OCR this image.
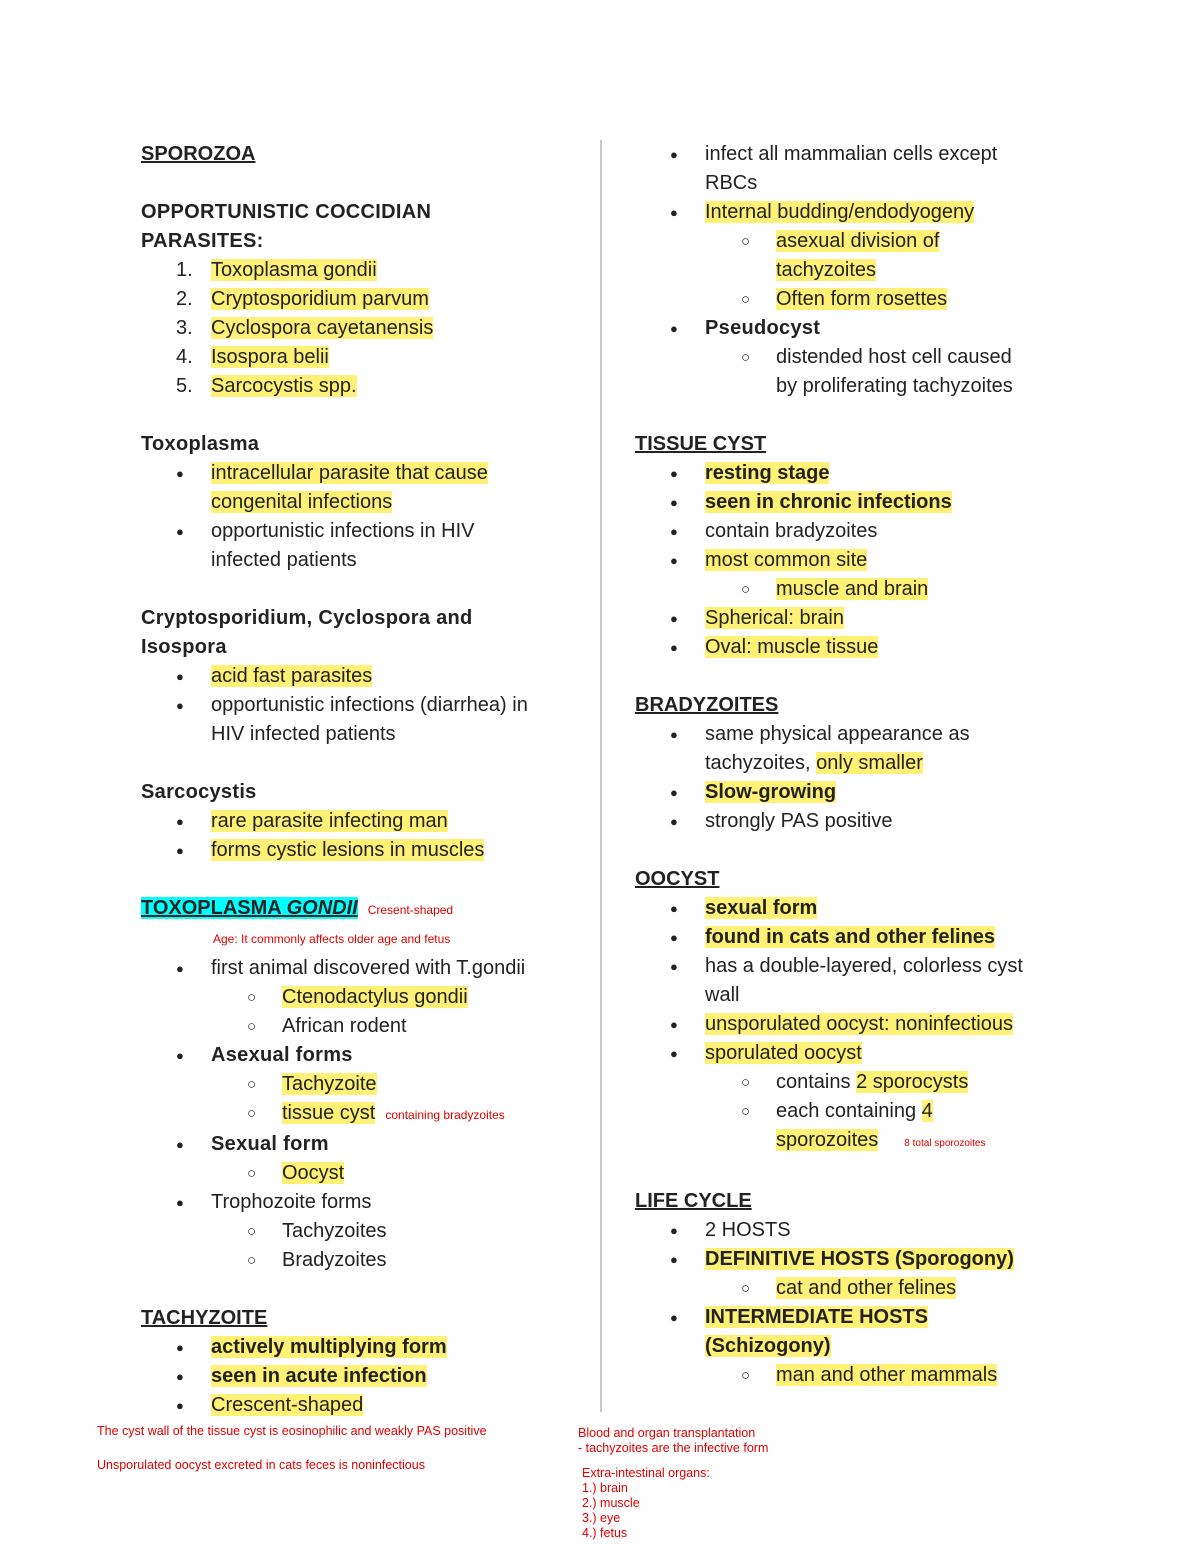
SPOROZOA
OPPORTUNISTIC COCCIDIAN
PARASITES:
1. Toxoplasma gondii
2. Cryptosporidium parvum
3. Cyclospora cayetanensis
4. Isospora belii
5. Sarcocystis spp.
Toxoplasma
● intracellular parasite that cause
congenital infections
● opportunistic infections in HIV
infected patients
Cryptosporidium, Cyclospora and
Isospora
● acid fast parasites
● opportunistic infections (diarrhea) in
HIV infected patients
Sarcocystis
● rare parasite infecting man
● forms cystic lesions in muscles
TOXOPLASMA GONDII Cresent-shaped
Age: It commonly affects older age and fetus
● first animal discovered with T.gondii
○ Ctenodactylus gondii
○ African rodent
● Asexual forms
○ Tachyzoite
○ tissue cyst containing bradyzoites
● Sexual form
○ Oocyst
● Trophozoite forms
○ Tachyzoites
○ Bradyzoites
TACHYZOITE
● actively multiplying form
● seen in acute infection
● Crescent-shaped
● infect all mammalian cells except
RBCs
● Internal budding/endodyogeny
○ asexual division of
tachyzoites
○ Often form rosettes
● Pseudocyst
○ distended host cell caused
by proliferating tachyzoites
TISSUE CYST
● resting stage
● seen in chronic infections
● contain bradyzoites
● most common site
○ muscle and brain
● Spherical: brain
● Oval: muscle tissue
BRADYZOITES
● same physical appearance as
tachyzoites, only smaller
● Slow-growing
● strongly PAS positive
OOCYST
● sexual form
● found in cats and other felines
● has a double-layered, colorless cyst
wall
● unsporulated oocyst: noninfectious
● sporulated oocyst
○ contains 2 sporocysts
○ each containing 4
sporozoites	8 total sporozoites
LIFE CYCLE
● 2 HOSTS
● DEFINITIVE HOSTS (Sporogony)
○ cat and other felines
● INTERMEDIATE HOSTS
(Schizogony)
○ man and other mammals
The cyst wall of the tissue cyst is eosinophilic and weakly PAS positive
Unsporulated oocyst excreted in cats feces is noninfectious
Blood and organ transplantation
- tachyzoites are the infective form
Extra-intestinal organs:
1.) brain
2.) muscle
3.) eye
4.) fetus
